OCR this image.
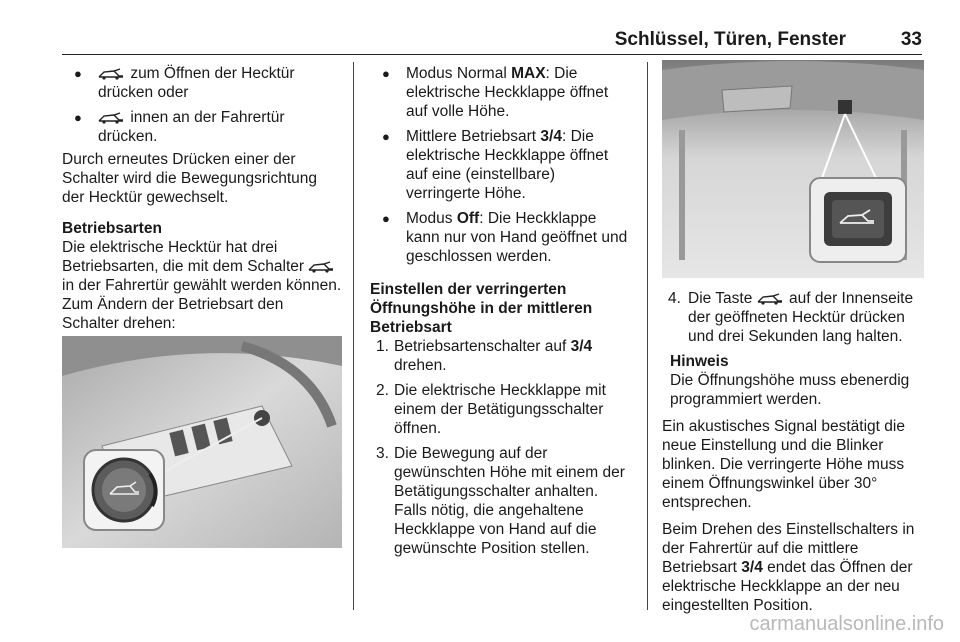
Schlüssel, Türen, Fenster	33
● zum Öffnen der Hecktür drücken oder
● innen an der Fahrertür drücken.

Durch erneutes Drücken einer der Schalter wird die Bewegungsrichtung der Hecktür gewechselt.

Betriebsarten

Die elektrische Hecktür hat drei Betriebsarten, die mit dem Schalter  in der Fahrertür gewählt werden können. Zum Ändern der Betriebsart den Schalter drehen:

● Modus Normal MAX: Die elektrische Heckklappe öffnet auf volle Höhe.
● Mittlere Betriebsart 3/4: Die elektrische Heckklappe öffnet auf eine (einstellbare) verringerte Höhe.
● Modus Off: Die Heckklappe kann nur von Hand geöffnet und geschlossen werden.

Einstellen der verringerten Öffnungshöhe in der mittleren Betriebsart

1. Betriebsartenschalter auf 3/4 drehen.
2. Die elektrische Heckklappe mit einem der Betätigungsschalter öffnen.
3. Die Bewegung auf der gewünschten Höhe mit einem der Betätigungsschalter anhalten. Falls nötig, die angehaltene Heckklappe von Hand auf die gewünschte Position stellen.
4. Die Taste auf der Innenseite der geöffneten Hecktür drücken und drei Sekunden lang halten.

Hinweis

Die Öffnungshöhe muss ebenerdig programmiert werden.

Ein akustisches Signal bestätigt die neue Einstellung und die Blinker blinken. Die verringerte Höhe muss einem Öffnungswinkel über 30° entsprechen.

Beim Drehen des Einstellschalters in der Fahrertür auf die mittlere Betriebsart 3/4 endet das Öffnen der elektrische Heckklappe an der neu eingestellten Position.

carmanualsonline.info
